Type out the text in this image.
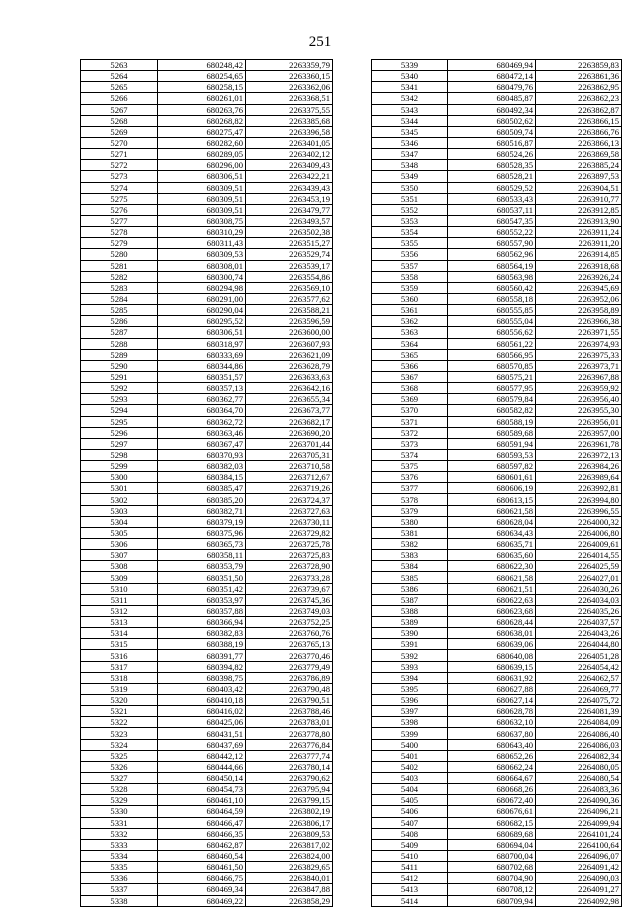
251
5263	680248,42	2263359,79
5264	680254,65	2263360,15
5265	680258,15	2263362,06
5266	680261,01	2263368,51
5267	680263,76	2263375,55
5268	680268,82	2263385,68
5269	680275,47	2263396,58
5270	680282,60	2263401,05
5271	680289,05	2263402,12
5272	680296,00	2263409,43
5273	680306,51	2263422,21
5274	680309,51	2263439,43
5275	680309,51	2263453,19
5276	680309,51	2263479,77
5277	680308,75	2263493,57
5278	680310,29	2263502,38
5279	680311,43	2263515,27
5280	680309,53	2263529,74
5281	680308,01	2263539,17
5282	680300,74	2263554,86
5283	680294,98	2263569,10
5284	680291,00	2263577,62
5285	680290,04	2263588,21
5286	680295,52	2263596,59
5287	680306,51	2263600,00
5288	680318,97	2263607,93
5289	680333,69	2263621,09
5290	680344,86	2263628,79
5291	680351,57	2263633,63
5292	680357,13	2263642,16
5293	680362,77	2263655,34
5294	680364,70	2263673,77
5295	680362,72	2263682,17
5296	680363,46	2263690,20
5297	680367,47	2263701,44
5298	680370,93	2263705,31
5299	680382,03	2263710,58
5300	680384,15	2263712,67
5301	680385,47	2263719,26
5302	680385,20	2263724,37
5303	680382,71	2263727,63
5304	680379,19	2263730,11
5305	680375,96	2263729,82
5306	680365,73	2263725,78
5307	680358,11	2263725,83
5308	680353,79	2263728,90
5309	680351,50	2263733,28
5310	680351,42	2263739,67
5311	680353,97	2263745,36
5312	680357,88	2263749,03
5313	680366,94	2263752,25
5314	680382,83	2263760,76
5315	680388,19	2263765,13
5316	680391,77	2263770,46
5317	680394,82	2263779,49
5318	680398,75	2263786,89
5319	680403,42	2263790,48
5320	680410,18	2263790,51
5321	680416,02	2263788,46
5322	680425,06	2263783,01
5323	680431,51	2263778,80
5324	680437,69	2263776,84
5325	680442,12	2263777,74
5326	680444,66	2263780,14
5327	680450,14	2263790,62
5328	680454,73	2263795,94
5329	680461,10	2263799,15
5330	680464,59	2263802,19
5331	680466,47	2263806,17
5332	680466,35	2263809,53
5333	680462,87	2263817,02
5334	680460,54	2263824,00
5335	680461,50	2263829,65
5336	680466,75	2263840,01
5337	680469,34	2263847,88
5338	680469,22	2263858,29
5339	680469,94	2263859,83
5340	680472,14	2263861,36
5341	680479,76	2263862,95
5342	680485,87	2263862,23
5343	680492,34	2263862,87
5344	680502,62	2263866,15
5345	680509,74	2263866,76
5346	680516,87	2263866,13
5347	680524,26	2263869,58
5348	680528,35	2263885,24
5349	680528,21	2263897,53
5350	680529,52	2263904,51
5351	680533,43	2263910,77
5352	680537,11	2263912,85
5353	680547,35	2263913,90
5354	680552,22	2263911,24
5355	680557,90	2263911,20
5356	680562,96	2263914,85
5357	680564,19	2263918,68
5358	680563,98	2263926,24
5359	680560,42	2263945,69
5360	680558,18	2263952,06
5361	680555,85	2263958,89
5362	680555,04	2263966,38
5363	680556,62	2263971,55
5364	680561,22	2263974,93
5365	680566,95	2263975,33
5366	680570,85	2263973,71
5367	680575,21	2263967,88
5368	680577,95	2263959,92
5369	680579,84	2263956,40
5370	680582,82	2263955,30
5371	680588,19	2263956,01
5372	680589,68	2263957,00
5373	680591,94	2263961,78
5374	680593,53	2263972,13
5375	680597,82	2263984,26
5376	680601,61	2263989,64
5377	680606,19	2263992,81
5378	680613,15	2263994,80
5379	680621,58	2263996,55
5380	680628,04	2264000,32
5381	680634,43	2264006,80
5382	680635,71	2264009,61
5383	680635,60	2264014,55
5384	680622,30	2264025,59
5385	680621,58	2264027,01
5386	680621,51	2264030,26
5387	680622,63	2264034,03
5388	680623,68	2264035,26
5389	680628,44	2264037,57
5390	680638,01	2264043,26
5391	680639,06	2264044,80
5392	680640,08	2264051,28
5393	680639,15	2264054,42
5394	680631,92	2264062,57
5395	680627,88	2264069,77
5396	680627,14	2264075,72
5397	680628,78	2264081,39
5398	680632,10	2264084,09
5399	680637,80	2264086,40
5400	680643,40	2264086,03
5401	680652,26	2264082,34
5402	680662,24	2264080,05
5403	680664,67	2264080,54
5404	680668,26	2264083,36
5405	680672,40	2264090,36
5406	680676,61	2264096,21
5407	680682,15	2264099,94
5408	680689,68	2264101,24
5409	680694,04	2264100,64
5410	680700,04	2264096,07
5411	680702,68	2264091,42
5412	680704,90	2264090,03
5413	680708,12	2264091,27
5414	680709,94	2264092,98
